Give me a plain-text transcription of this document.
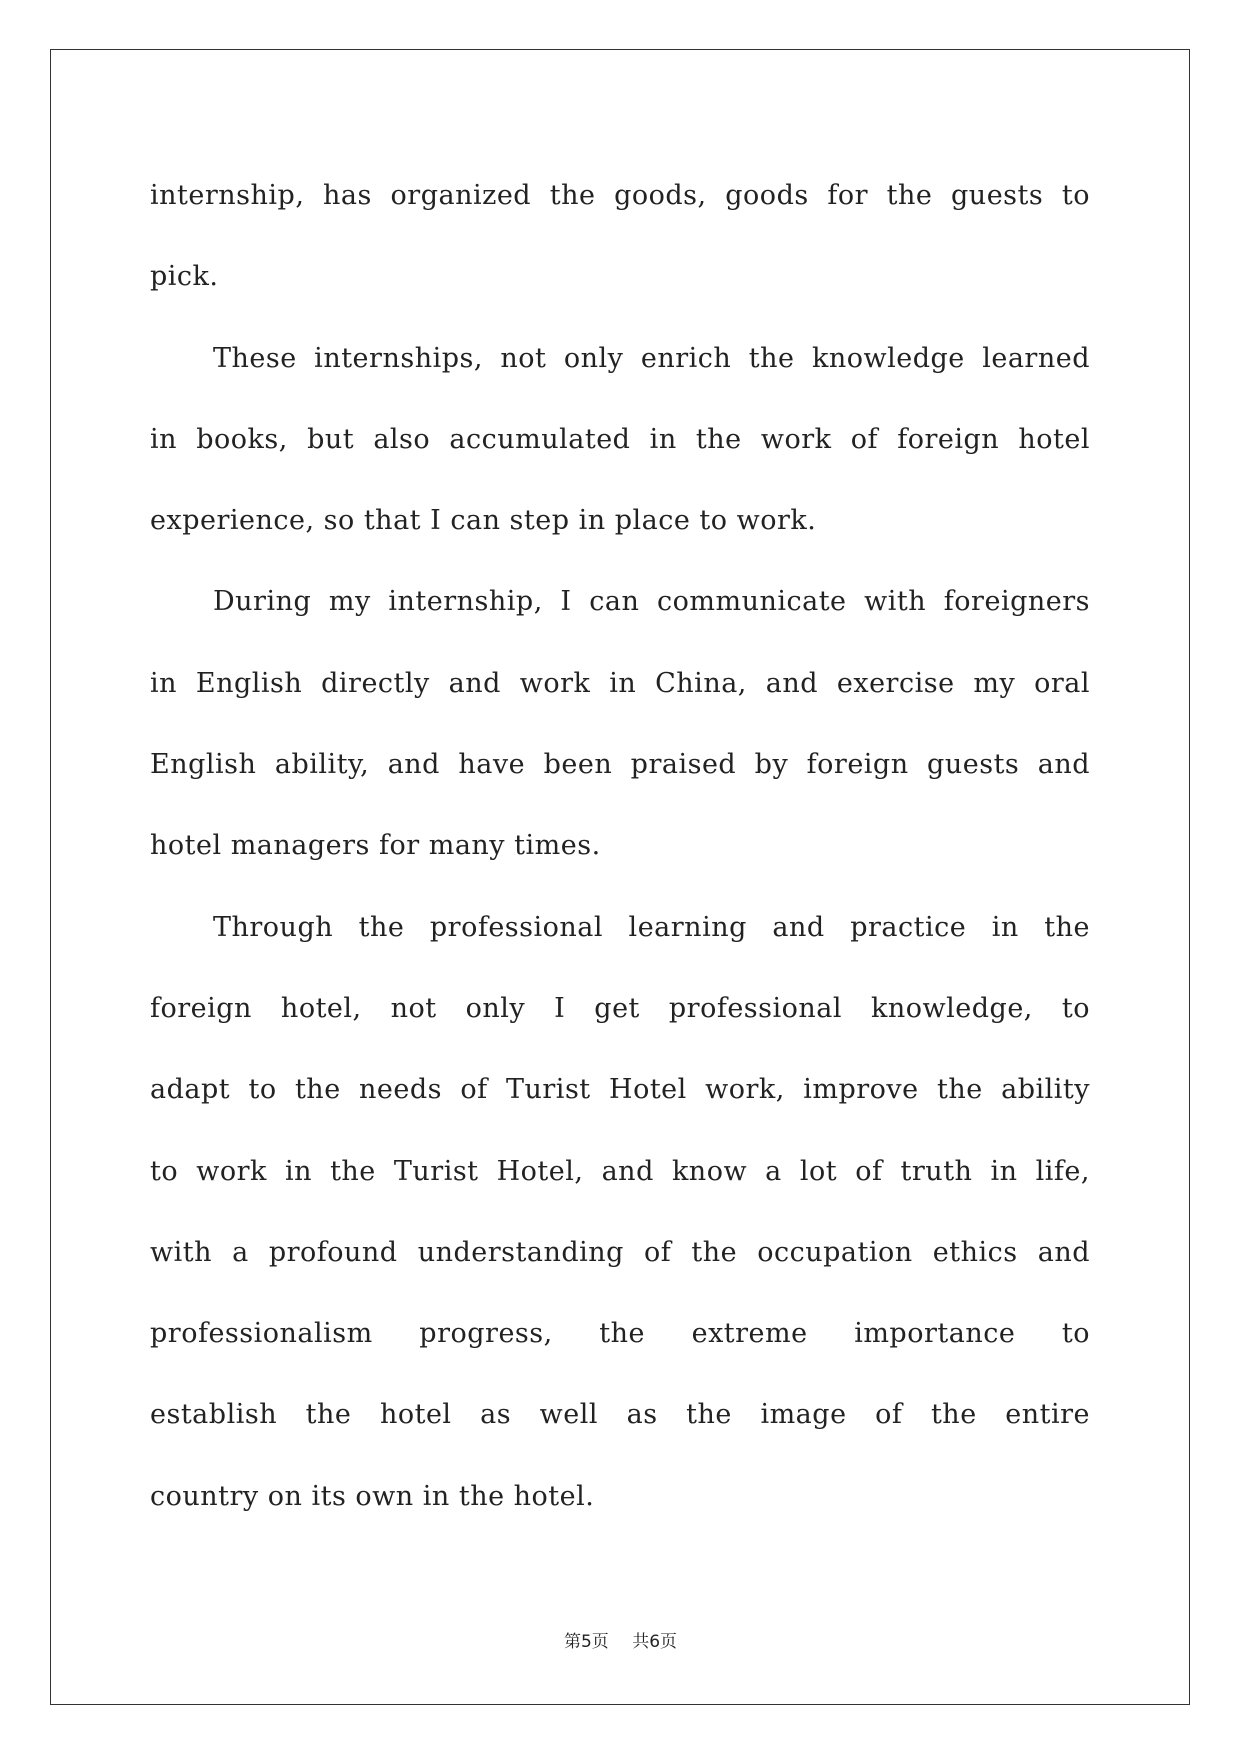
internship, has organized the goods, goods for the guests to
pick.
These internships, not only enrich the knowledge learned
in books, but also accumulated in the work of foreign hotel
experience, so that I can step in place to work.
During my internship, I can communicate with foreigners
in English directly and work in China, and exercise my oral
English ability, and have been praised by foreign guests and
hotel managers for many times.
Through the professional learning and practice in the
foreign hotel, not only I get professional knowledge, to
adapt to the needs of Turist Hotel work, improve the ability
to work in the Turist Hotel, and know a lot of truth in life,
with a profound understanding of the occupation ethics and
professionalism progress, the extreme importance to
establish the hotel as well as the image of the entire
country on its own in the hotel.
第5页 共6页
